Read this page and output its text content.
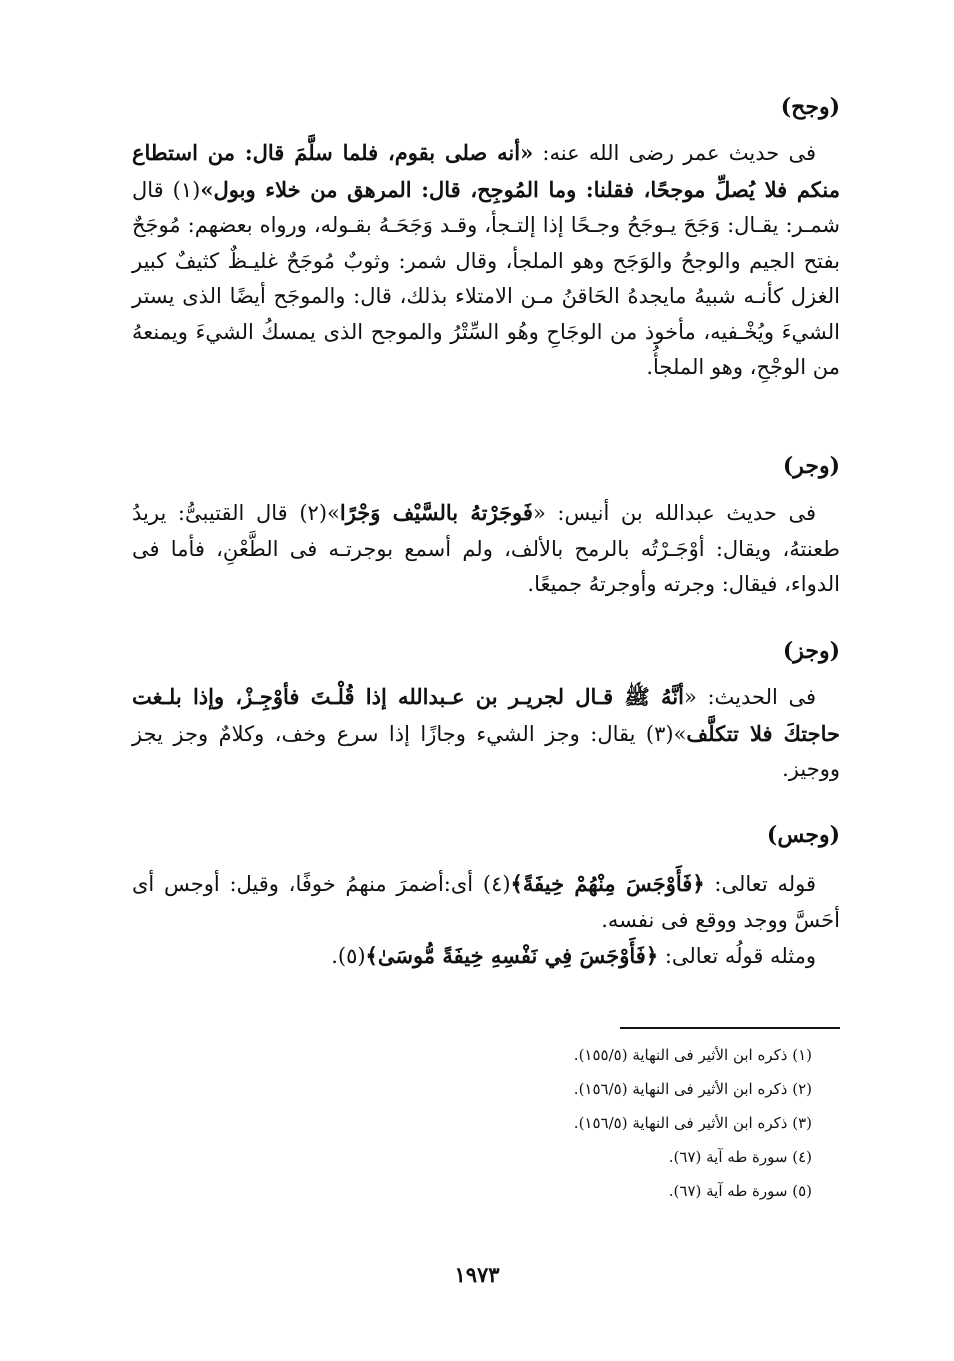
(وجح)

فى حديث عمر رضى الله عنه: «أنه صلى بقوم، فلما سلَّمَ قال: من استطاع منكم فلا يُصلِّ موجحًا، فقلنا: وما المُوجِح، قال: المرهق من خلاء وبول»(١) قال شمـر: يقـال: وَجَحَ يـوجَحُ وجـحًا إذا إلتـجأ، وقـد وَجَحَـهُ بقـوله، ورواه بعضهم: مُوجَحٌ بفتح الجيم والوجحُ والوَجَح وهو الملجأ، وقال شمر: وثوبٌ مُوجَحٌ غليـظٌ كثيفٌ كبير الغزل كأنـه شبيهُ مايجدهُ الحَاقنُ مـن الامتلاء بذلك، قال: والموجَح أيضًا الذى يستر الشيءَ ويُخْـفيه، مأخوذ من الوجَاحِ وهُو السِّتْرُ والموجح الذى يمسكُ الشيءَ ويمنعهُ من الوجْحِ، وهو الملجأُ.

(وجر)

فى حديث عبدالله بن أنيس: «فَوجَرْتهُ بالسَّيْف وَجْرًا»(٢) قال القتيبىُّ: يريدُ طعنتهُ، ويقال: أوْجَـرْتُه بالرمح بالألف، ولم أسمع بوجرتـه فى الطَّعْنِ، فأما فى الدواء، فيقال: وجرته وأوجرتهُ جميعًا.

(وجز)

فى الحديث: «أنَّهُ ﷺ قـال لجريـر بن عـبدالله إذا قُلْـتَ فأوْجِـزْ، وإذا بلـغت حاجتكَ فلا تتكلَّف»(٣) يقال: وجز الشيء وجازًا إذا سرع وخف، وكلامٌ وجز يجز ووجيز.

(وجس)

قوله تعالى: ﴿فَأَوْجَسَ مِنْهُمْ خِيفَةً﴾(٤) أى:أضمرَ منهمُ خوفًا، وقيل: أوجس أى أحَسَّ ووجد ووقع فى نفسه.

ومثله قولُه تعالى: ﴿فَأَوْجَسَ فِي نَفْسِهِ خِيفَةً مُّوسَىٰ﴾(٥).

(١) ذكره ابن الأثير فى النهاية (١٥٥/٥).
(٢) ذكره ابن الأثير فى النهاية (١٥٦/٥).
(٣) ذكره ابن الأثير فى النهاية (١٥٦/٥).
(٤) سورة طه آية (٦٧).
(٥) سورة طه آية (٦٧).
١٩٧٣
